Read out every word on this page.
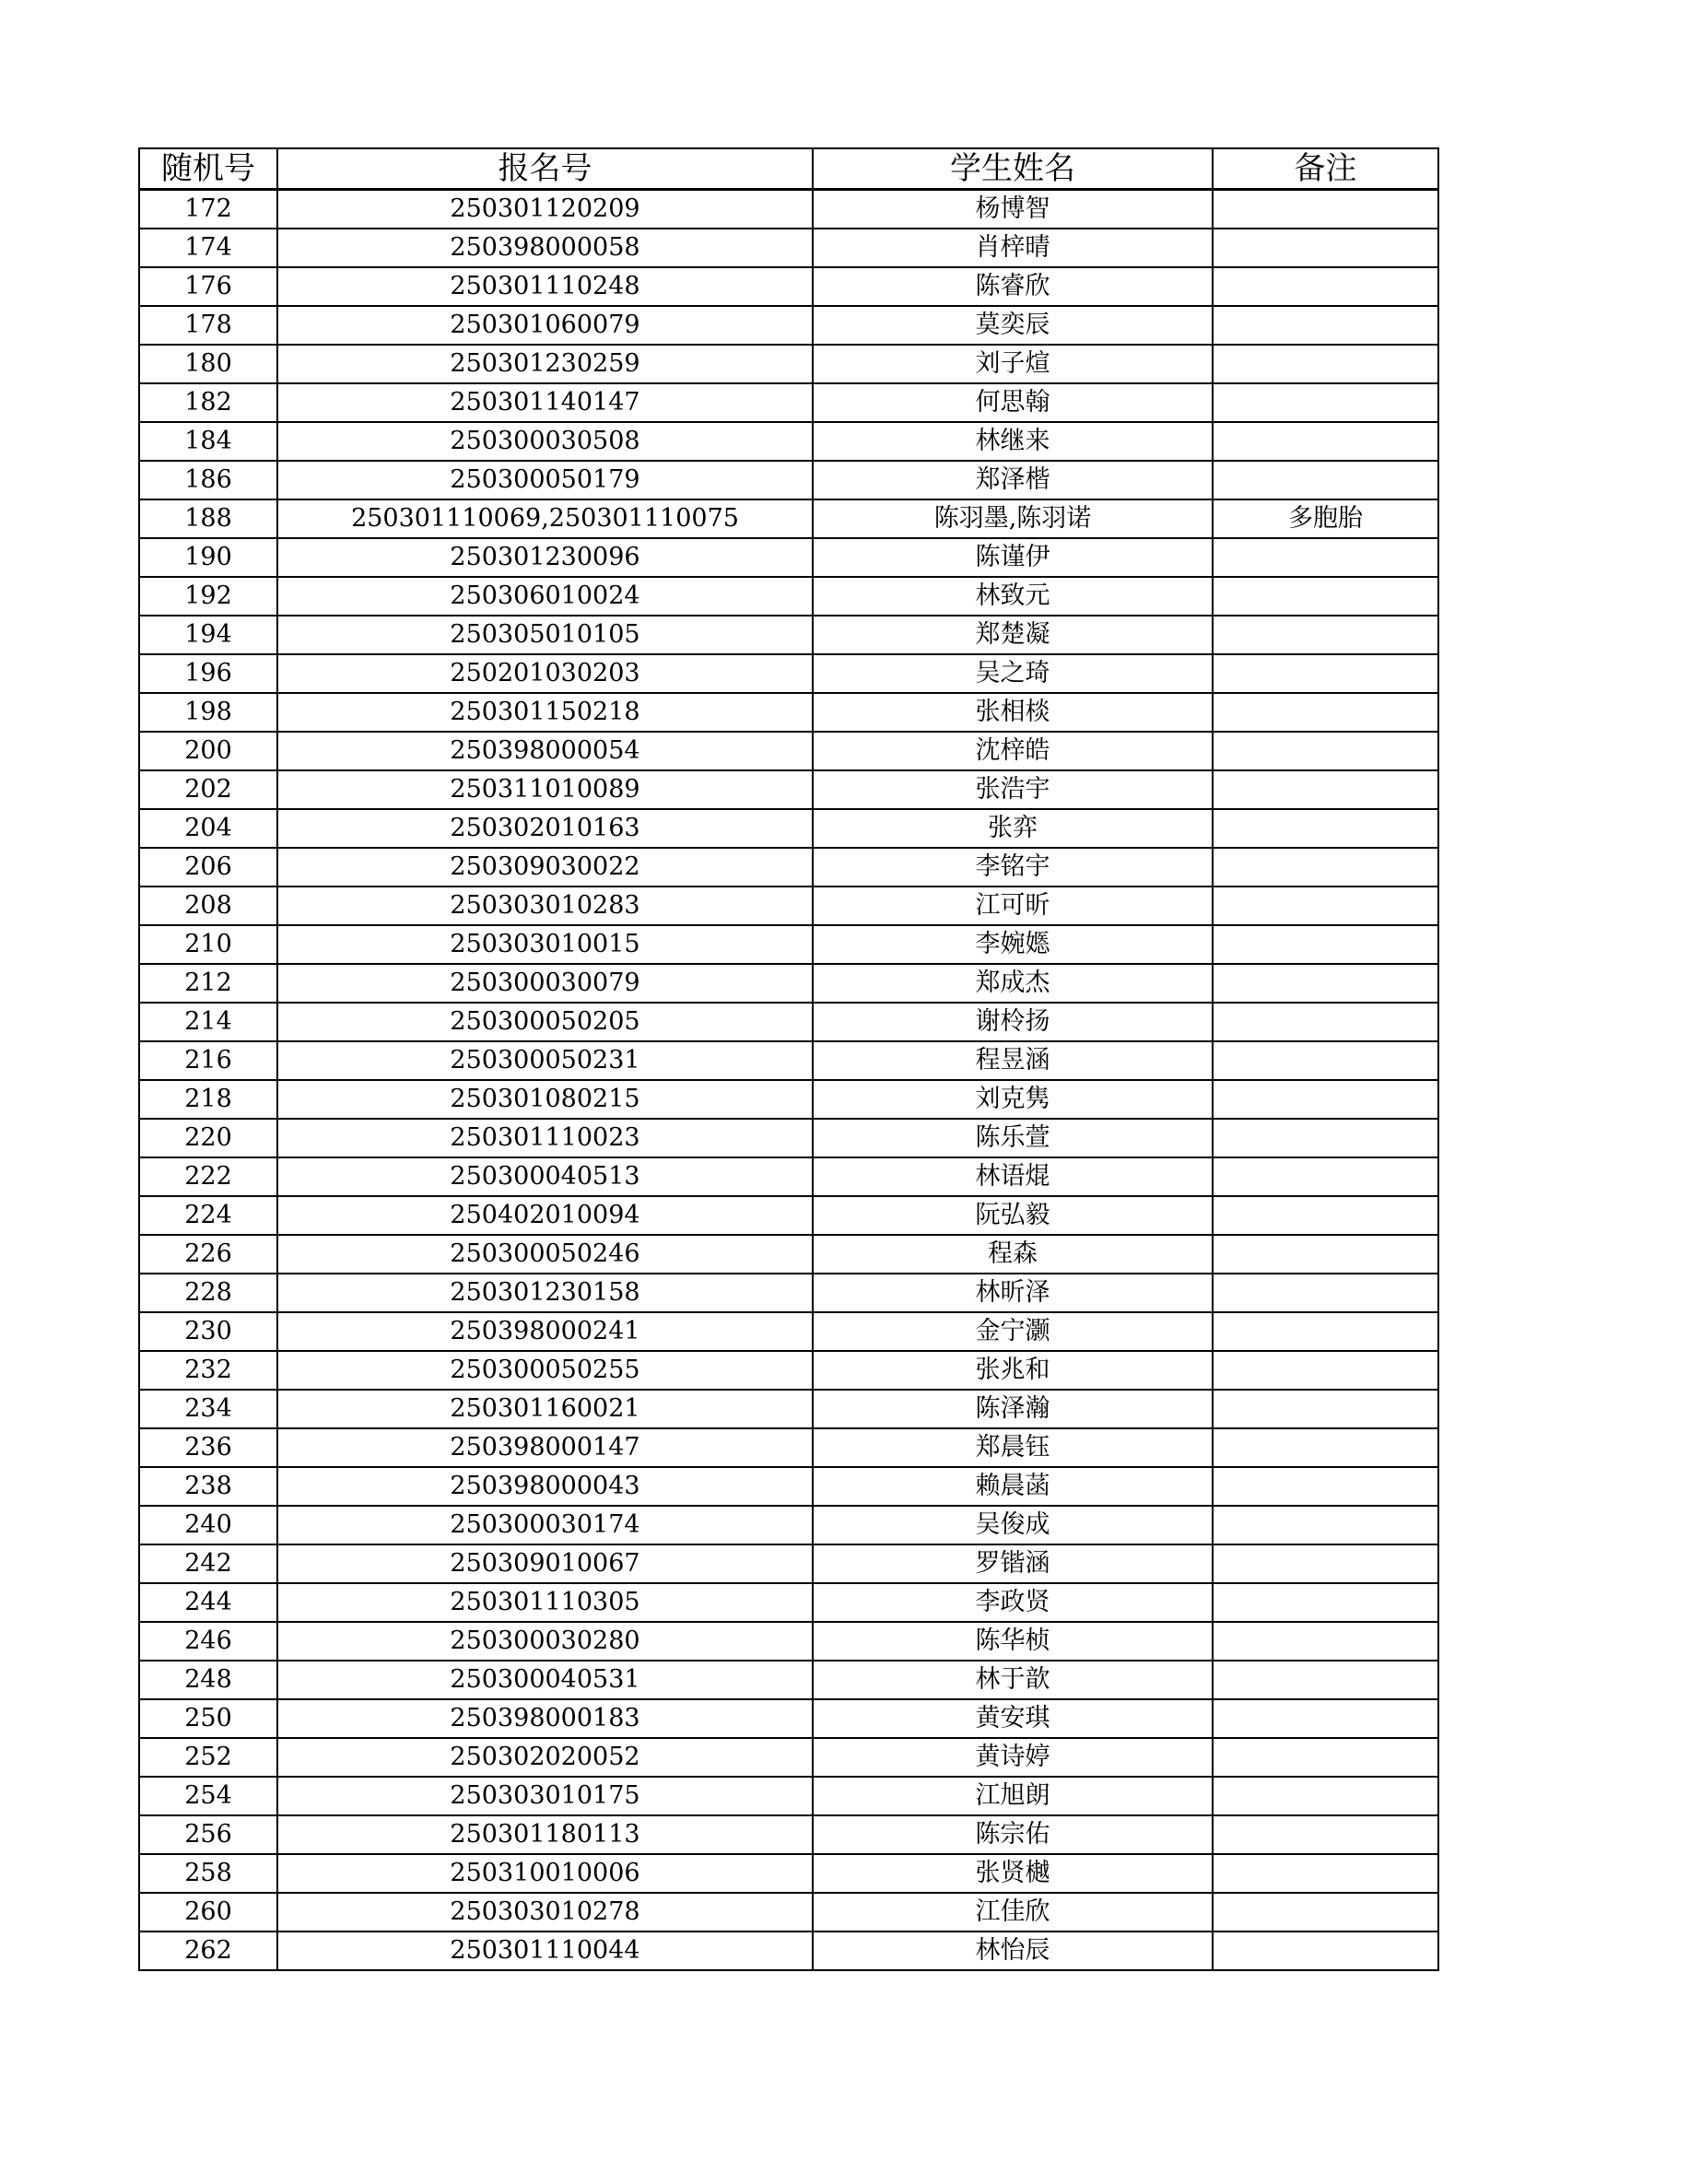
随机号	报名号	学生姓名	备注
172	250301120209	杨博智	
174	250398000058	肖梓晴	
176	250301110248	陈睿欣	
178	250301060079	莫奕辰	
180	250301230259	刘子煊	
182	250301140147	何思翰	
184	250300030508	林继来	
186	250300050179	郑泽楷	
188	250301110069,250301110075	陈羽墨,陈羽诺	多胞胎
190	250301230096	陈谨伊	
192	250306010024	林致元	
194	250305010105	郑楚凝	
196	250201030203	吴之琦	
198	250301150218	张相棪	
200	250398000054	沈梓皓	
202	250311010089	张浩宇	
204	250302010163	张弈	
206	250309030022	李铭宇	
208	250303010283	江可昕	
210	250303010015	李婉嫕	
212	250300030079	郑成杰	
214	250300050205	谢柃扬	
216	250300050231	程昱涵	
218	250301080215	刘克隽	
220	250301110023	陈乐萱	
222	250300040513	林语焜	
224	250402010094	阮弘毅	
226	250300050246	程森	
228	250301230158	林昕泽	
230	250398000241	金宁灏	
232	250300050255	张兆和	
234	250301160021	陈泽瀚	
236	250398000147	郑晨钰	
238	250398000043	赖晨菡	
240	250300030174	吴俊成	
242	250309010067	罗锴涵	
244	250301110305	李政贤	
246	250300030280	陈华桢	
248	250300040531	林于歆	
250	250398000183	黄安琪	
252	250302020052	黄诗婷	
254	250303010175	江旭朗	
256	250301180113	陈宗佑	
258	250310010006	张贤樾	
260	250303010278	江佳欣	
262	250301110044	林怡辰	
